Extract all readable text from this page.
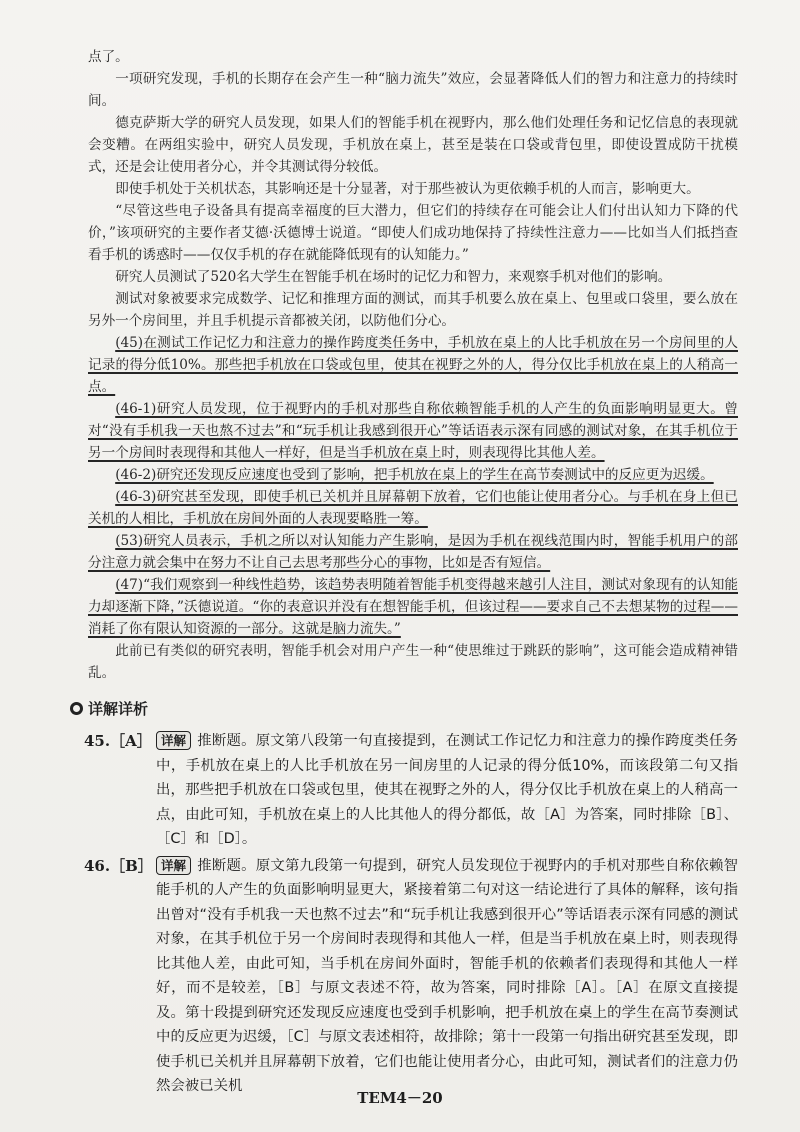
点了。

一项研究发现，手机的长期存在会产生一种“脑力流失”效应，会显著降低人们的智力和注意力的持续时间。

德克萨斯大学的研究人员发现，如果人们的智能手机在视野内，那么他们处理任务和记忆信息的表现就会变糟。在两组实验中，研究人员发现，手机放在桌上，甚至是装在口袋或背包里，即使设置成防干扰模式，还是会让使用者分心，并令其测试得分较低。

即使手机处于关机状态，其影响还是十分显著，对于那些被认为更依赖手机的人而言，影响更大。

“尽管这些电子设备具有提高幸福度的巨大潜力，但它们的持续存在可能会让人们付出认知力下降的代价，”该项研究的主要作者艾德·沃德博士说道。“即使人们成功地保持了持续性注意力——比如当人们抵挡查看手机的诱惑时——仅仅手机的存在就能降低现有的认知能力。”

研究人员测试了520名大学生在智能手机在场时的记忆力和智力，来观察手机对他们的影响。

测试对象被要求完成数学、记忆和推理方面的测试，而其手机要么放在桌上、包里或口袋里，要么放在另外一个房间里，并且手机提示音都被关闭，以防他们分心。

(45)在测试工作记忆力和注意力的操作跨度类任务中，手机放在桌上的人比手机放在另一个房间里的人记录的得分低10%。那些把手机放在口袋或包里，使其在视野之外的人，得分仅比手机放在桌上的人稍高一点。

(46-1)研究人员发现，位于视野内的手机对那些自称依赖智能手机的人产生的负面影响明显更大。曾对“没有手机我一天也熬不过去”和“玩手机让我感到很开心”等话语表示深有同感的测试对象，在其手机位于另一个房间时表现得和其他人一样好，但是当手机放在桌上时，则表现得比其他人差。

(46-2)研究还发现反应速度也受到了影响，把手机放在桌上的学生在高节奏测试中的反应更为迟缓。

(46-3)研究甚至发现，即使手机已关机并且屏幕朝下放着，它们也能让使用者分心。与手机在身上但已关机的人相比，手机放在房间外面的人表现要略胜一筹。

(53)研究人员表示，手机之所以对认知能力产生影响，是因为手机在视线范围内时，智能手机用户的部分注意力就会集中在努力不让自己去思考那些分心的事物，比如是否有短信。

(47)“我们观察到一种线性趋势，该趋势表明随着智能手机变得越来越引人注目，测试对象现有的认知能力却逐渐下降，”沃德说道。“你的表意识并没有在想智能手机，但该过程——要求自己不去想某物的过程——消耗了你有限认知资源的一部分。这就是脑力流失。”

此前已有类似的研究表明，智能手机会对用户产生一种“使思维过于跳跃的影响”，这可能会造成精神错乱。

详解详析
45.［A］ 详解 推断题。原文第八段第一句直接提到，在测试工作记忆力和注意力的操作跨度类任务中，手机放在桌上的人比手机放在另一间房里的人记录的得分低10%，而该段第二句又指出，那些把手机放在口袋或包里，使其在视野之外的人，得分仅比手机放在桌上的人稍高一点，由此可知，手机放在桌上的人比其他人的得分都低，故［A］为答案，同时排除［B］、［C］和［D］。
46.［B］ 详解 推断题。原文第九段第一句提到，研究人员发现位于视野内的手机对那些自称依赖智能手机的人产生的负面影响明显更大，紧接着第二句对这一结论进行了具体的解释，该句指出曾对“没有手机我一天也熬不过去”和“玩手机让我感到很开心”等话语表示深有同感的测试对象，在其手机位于另一个房间时表现得和其他人一样，但是当手机放在桌上时，则表现得比其他人差，由此可知，当手机在房间外面时，智能手机的依赖者们表现得和其他人一样好，而不是较差，［B］与原文表述不符，故为答案，同时排除［A］。［A］在原文直接提及。第十段提到研究还发现反应速度也受到手机影响，把手机放在桌上的学生在高节奏测试中的反应更为迟缓，［C］与原文表述相符，故排除；第十一段第一句指出研究甚至发现，即使手机已关机并且屏幕朝下放着，它们也能让使用者分心，由此可知，测试者们的注意力仍然会被已关机
TEM4－20
